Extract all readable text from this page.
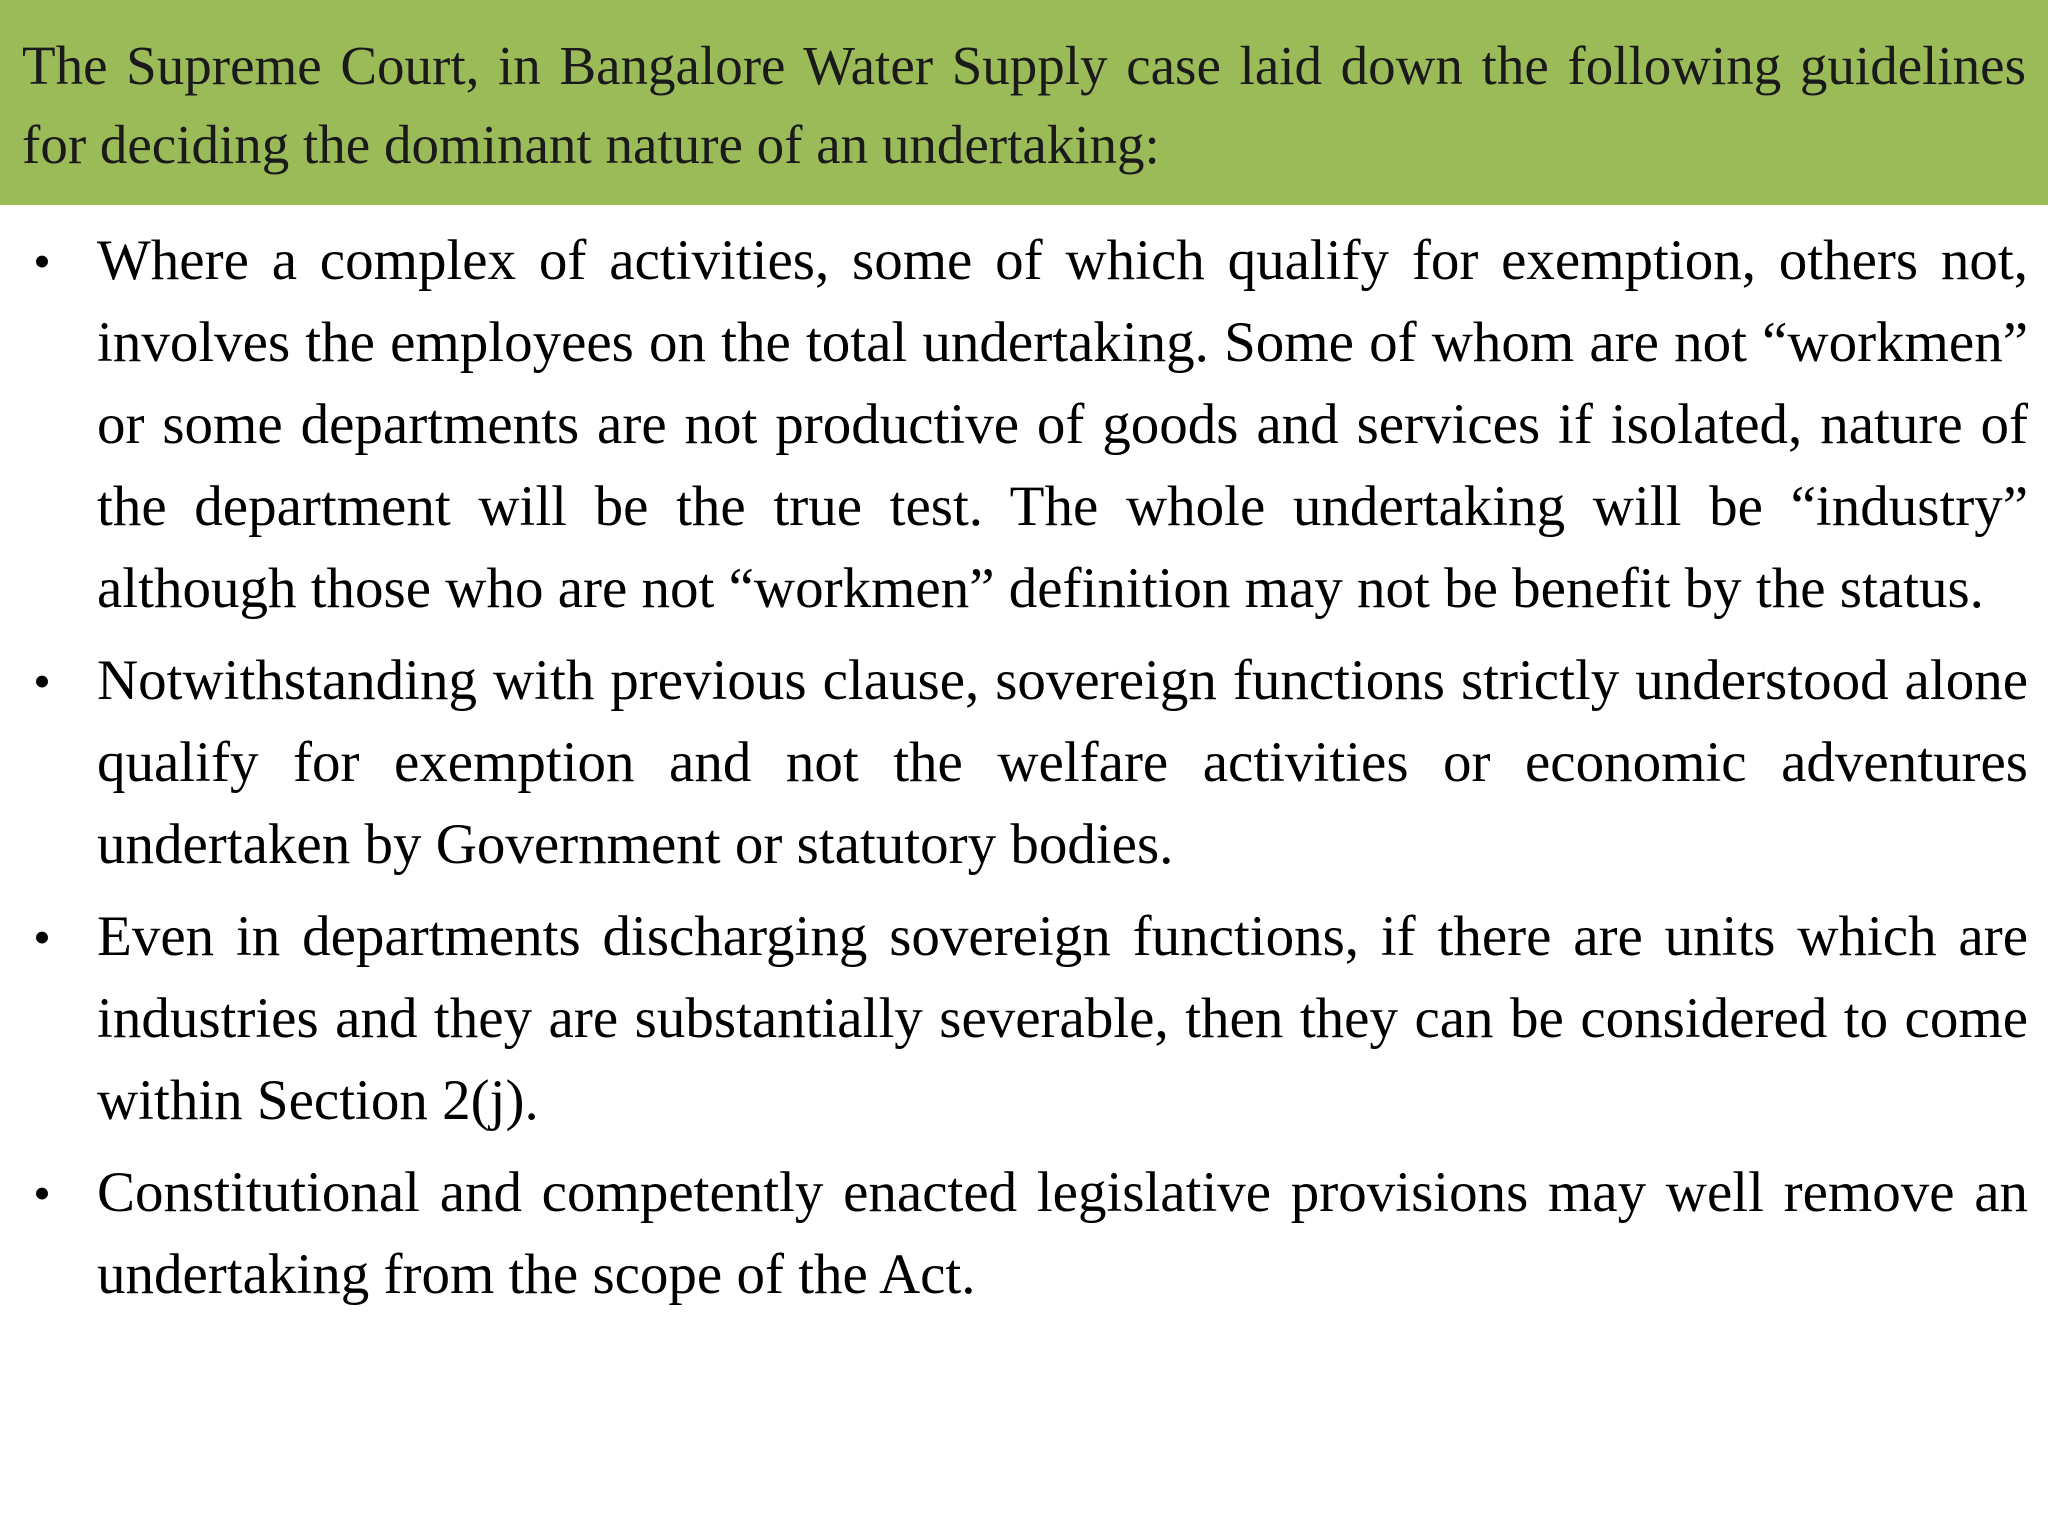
The Supreme Court, in Bangalore Water Supply case laid down the following guidelines for deciding the dominant nature of an undertaking:

• Where a complex of activities, some of which qualify for exemption, others not, involves the employees on the total undertaking. Some of whom are not “workmen” or some departments are not productive of goods and services if isolated, nature of the department will be the true test. The whole undertaking will be “industry” although those who are not “workmen” definition may not be benefit by the status.
• Notwithstanding with previous clause, sovereign functions strictly understood alone qualify for exemption and not the welfare activities or economic adventures undertaken by Government or statutory bodies.
• Even in departments discharging sovereign functions, if there are units which are industries and they are substantially severable, then they can be considered to come within Section 2(j).
• Constitutional and competently enacted legislative provisions may well remove an undertaking from the scope of the Act.
